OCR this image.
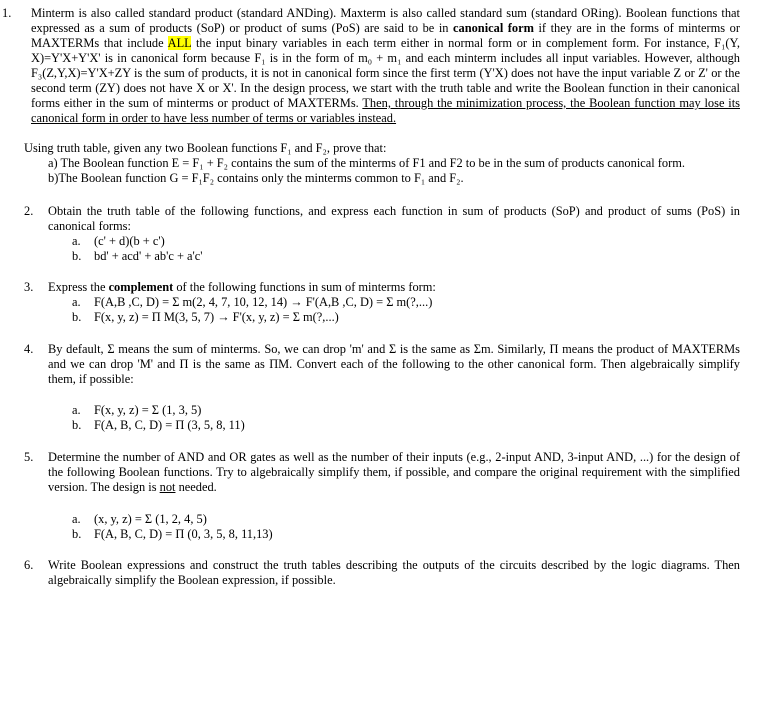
1. Minterm is also called standard product (standard ANDing). Maxterm is also called standard sum (standard ORing). Boolean functions that expressed as a sum of products (SoP) or product of sums (PoS) are said to be in canonical form if they are in the forms of minterms or MAXTERMs that include ALL the input binary variables in each term either in normal form or in complement form. For instance, F₁(Y, X)=Y'X+Y'X' is in canonical form because F₁ is in the form of m₀ + m₁ and each minterm includes all input variables. However, although F₃(Z,Y,X)=Y'X+ZY is the sum of products, it is not in canonical form since the first term (Y'X) does not have the input variable Z or Z' or the second term (ZY) does not have X or X'. In the design process, we start with the truth table and write the Boolean function in their canonical forms either in the sum of minterms or product of MAXTERMs. Then, through the minimization process, the Boolean function may lose its canonical form in order to have less number of terms or variables instead.
Using truth table, given any two Boolean functions F₁ and F₂, prove that:
a) The Boolean function E = F₁ + F₂ contains the sum of the minterms of F1 and F2 to be in the sum of products canonical form.
b)The Boolean function G = F₁F₂ contains only the minterms common to F₁ and F₂.
2. Obtain the truth table of the following functions, and express each function in sum of products (SoP) and product of sums (PoS) in canonical forms:
a. (c' + d)(b + c')
b. bd' + acd' + ab'c + a'c'
3. Express the complement of the following functions in sum of minterms form:
a. F(A,B ,C, D) = Σ m(2, 4, 7, 10, 12, 14) → F'(A,B ,C, D) = Σ m(?,...)
b. F(x, y, z) = Π M(3, 5, 7) → F'(x, y, z) = Σ m(?,...)
4. By default, Σ means the sum of minterms. So, we can drop 'm' and Σ is the same as Σm. Similarly, Π means the product of MAXTERMs and we can drop 'M' and Π is the same as ΠM. Convert each of the following to the other canonical form. Then algebraically simplify them, if possible:
a. F(x, y, z) = Σ (1, 3, 5)
b. F(A, B, C, D) = Π (3, 5, 8, 11)
5. Determine the number of AND and OR gates as well as the number of their inputs (e.g., 2-input AND, 3-input AND, ...) for the design of the following Boolean functions. Try to algebraically simplify them, if possible, and compare the original requirement with the simplified version. The design is not needed.
a. (x, y, z) = Σ (1, 2, 4, 5)
b. F(A, B, C, D) = Π (0, 3, 5, 8, 11,13)
6. Write Boolean expressions and construct the truth tables describing the outputs of the circuits described by the logic diagrams. Then algebraically simplify the Boolean expression, if possible.
